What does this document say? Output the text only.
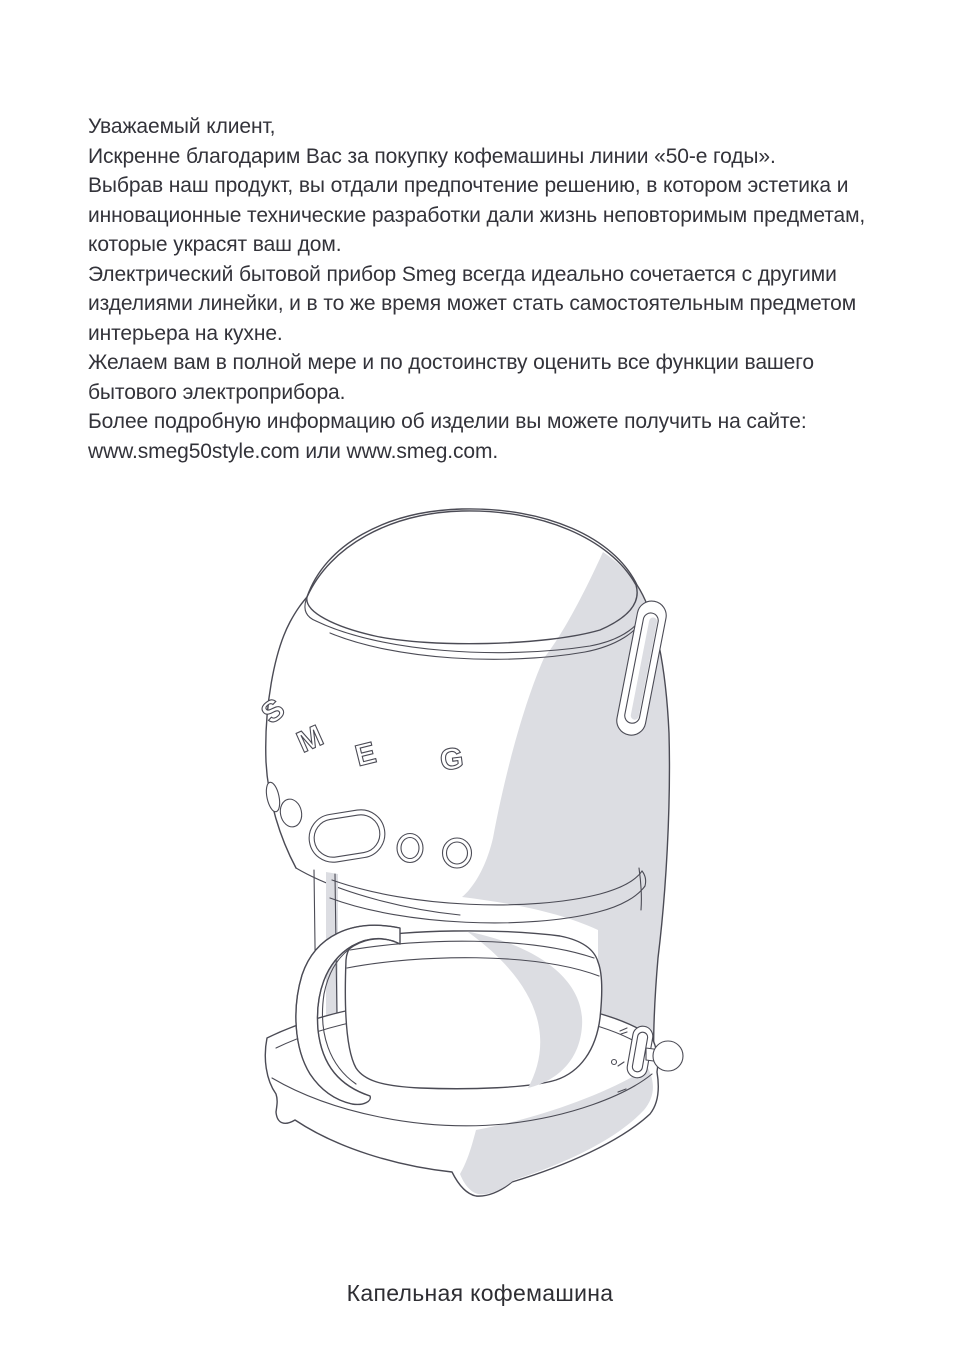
Уважаемый клиент,
Искренне благодарим Вас за покупку кофемашины линии «50-е годы».
Выбрав наш продукт, вы отдали предпочтение решению, в котором эстетика и
инновационные технические разработки дали жизнь неповторимым предметам,
которые украсят ваш дом.
Электрический бытовой прибор Smeg всегда идеально сочетается с другими
изделиями линейки, и в то же время может стать самостоятельным предметом
интерьера на кухне.
Желаем вам в полной мере и по достоинству оценить все функции вашего
бытового электроприбора.
Более подробную информацию об изделии вы можете получить на сайте:
www.smeg50style.com или www.smeg.com.
S
M E G
Капельная кофемашина
